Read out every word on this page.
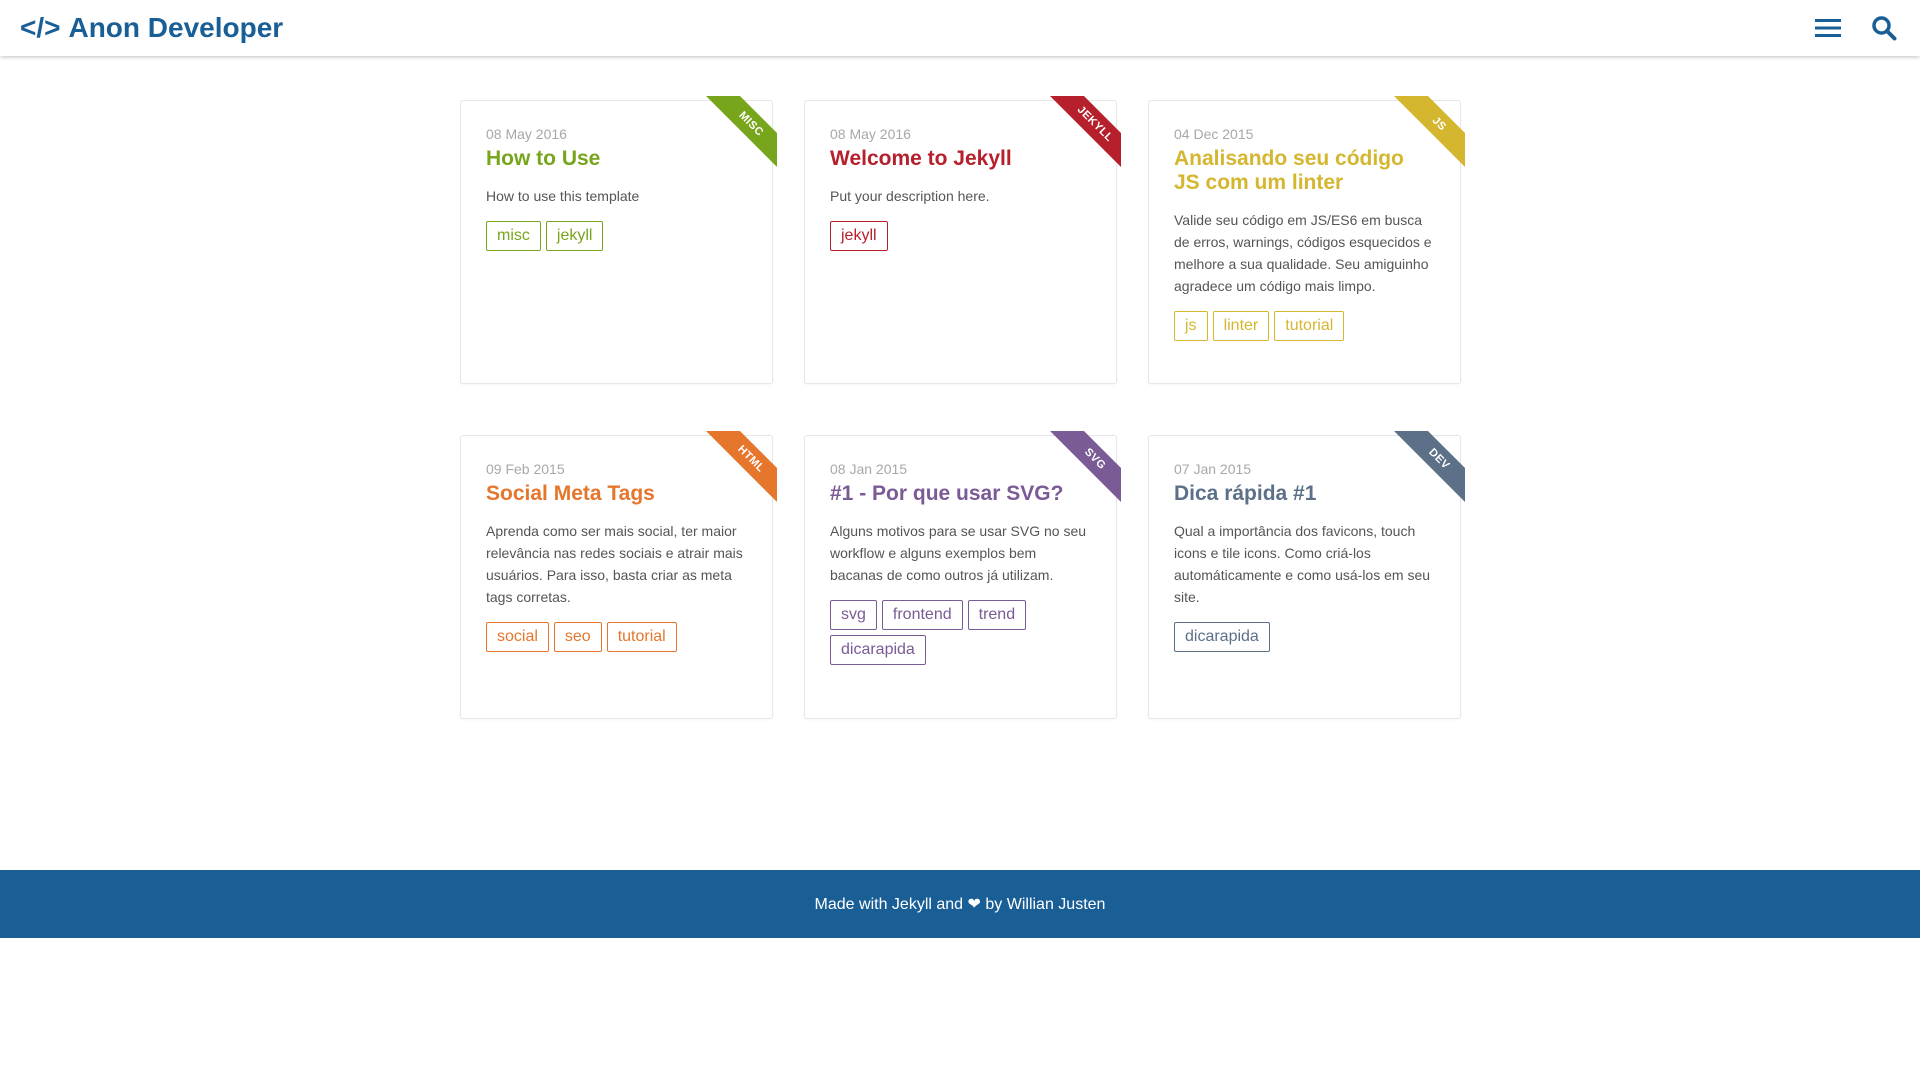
</> Anon Developer
MISC
08 May 2016
How to Use

How to use this template

misc	jekyll
JEKYLL
08 May 2016
Welcome to Jekyll

Put your description here.

jekyll
JS
04 Dec 2015
Analisando seu código JS com um linter

Valide seu código em JS/ES6 em busca de erros, warnings, códigos esquecidos e melhore a sua qualidade. Seu amiguinho agradece um código mais limpo.

js	linter	tutorial
HTML
09 Feb 2015
Social Meta Tags

Aprenda como ser mais social, ter maior relevância nas redes sociais e atrair mais usuários. Para isso, basta criar as meta tags corretas.

social	seo	tutorial
SVG
08 Jan 2015
#1 - Por que usar SVG?

Alguns motivos para se usar SVG no seu workflow e alguns exemplos bem bacanas de como outros já utilizam.

svg	frontend	trend
dicarapida
DEV
07 Jan 2015
Dica rápida #1

Qual a importância dos favicons, touch icons e tile icons. Como criá-los automáticamente e como usá-los em seu site.

dicarapida
Made with Jekyll and ❤ by Willian Justen
